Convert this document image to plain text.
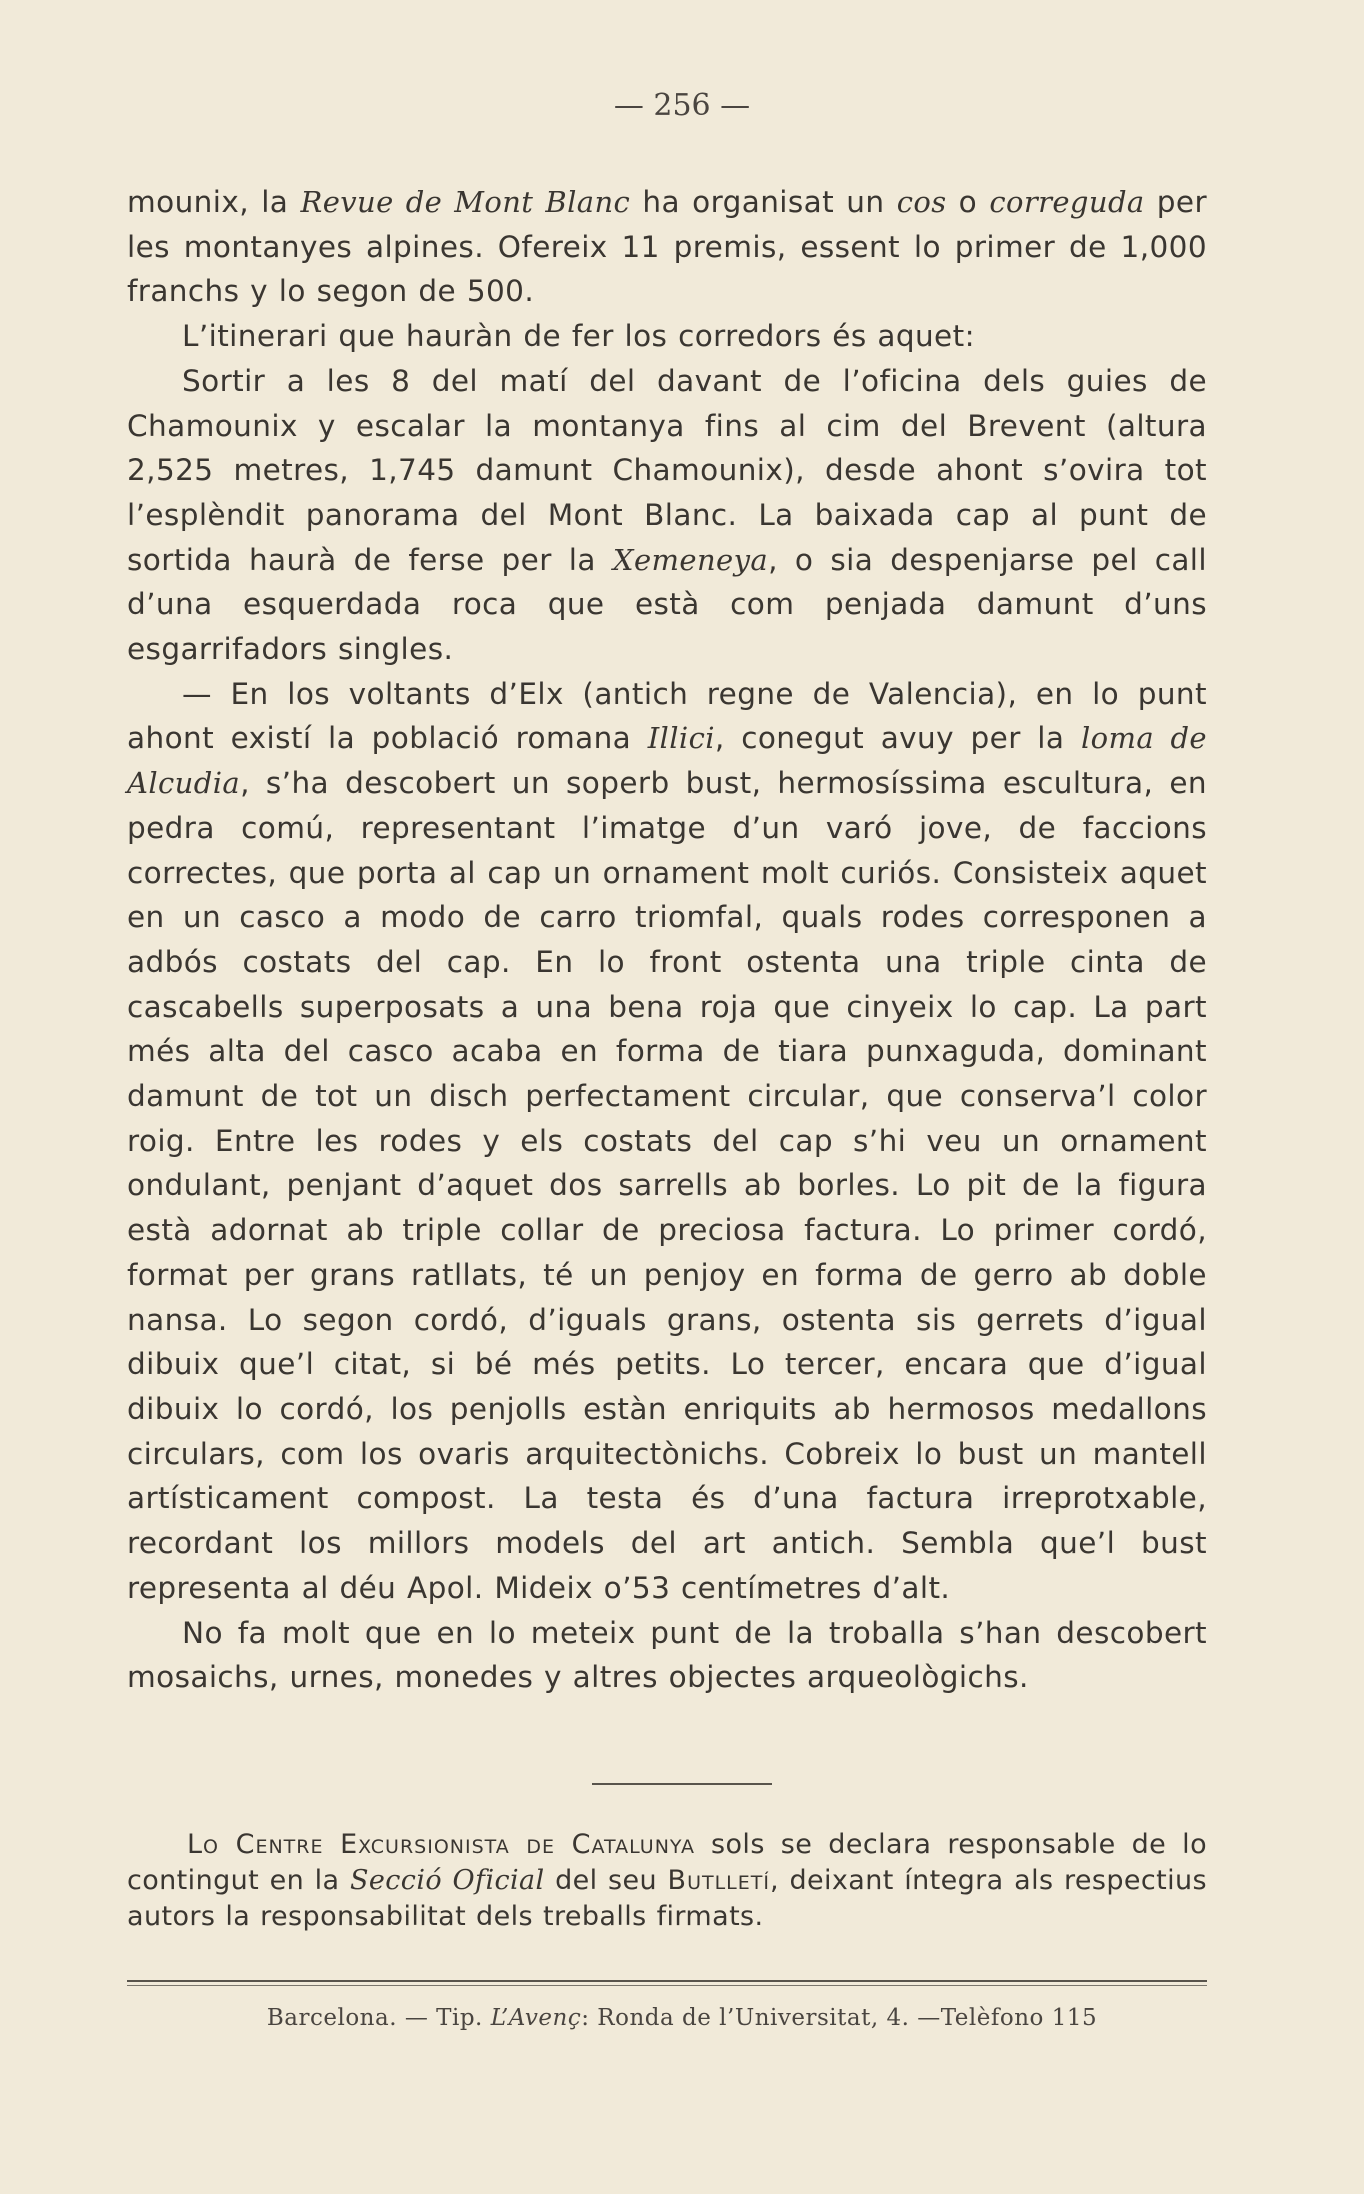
— 256 —

mounix, la Revue de Mont Blanc ha organisat un cos o correguda per les montanyes alpines. Ofereix 11 premis, essent lo primer de 1,000 franchs y lo segon de 500.

L’itinerari que hauràn de fer los corredors és aquet:

Sortir a les 8 del matí del davant de l’oficina dels guies de Chamounix y escalar la montanya fins al cim del Brevent (altura 2,525 metres, 1,745 damunt Chamounix), desde ahont s’ovira tot l’esplèndit panorama del Mont Blanc. La baixada cap al punt de sortida haurà de ferse per la Xemeneya, o sia despenjarse pel call d’una esquerdada roca que està com penjada damunt d’uns esgarrifadors singles.

— En los voltants d’Elx (antich regne de Valencia), en lo punt ahont existí la població romana Illici, conegut avuy per la loma de Alcudia, s’ha descobert un soperb bust, hermosíssima escultura, en pedra comú, representant l’imatge d’un varó jove, de faccions correctes, que porta al cap un ornament molt curiós. Consisteix aquet en un casco a modo de carro triomfal, quals rodes corresponen a adbós costats del cap. En lo front ostenta una triple cinta de cascabells superposats a una bena roja que cinyeix lo cap. La part més alta del casco acaba en forma de tiara punxaguda, dominant damunt de tot un disch perfectament circular, que conserva’l color roig. Entre les rodes y els costats del cap s’hi veu un ornament ondulant, penjant d’aquet dos sarrells ab borles. Lo pit de la figura està adornat ab triple collar de preciosa factura. Lo primer cordó, format per grans ratllats, té un penjoy en forma de gerro ab doble nansa. Lo segon cordó, d’iguals grans, ostenta sis gerrets d’igual dibuix que’l citat, si bé més petits. Lo tercer, encara que d’igual dibuix lo cordó, los penjolls estàn enriquits ab hermosos medallons circulars, com los ovaris arquitectònichs. Cobreix lo bust un mantell artísticament compost. La testa és d’una factura irreprotxable, recordant los millors models del art antich. Sembla que’l bust representa al déu Apol. Mideix o’53 centímetres d’alt.

No fa molt que en lo meteix punt de la troballa s’han descobert mosaichs, urnes, monedes y altres objectes arqueològichs.

Lo Centre Excursionista de Catalunya sols se declara responsable de lo contingut en la Secció Oficial del seu Butlletí, deixant íntegra als respectius autors la responsabilitat dels treballs firmats.

Barcelona. — Tip. L’Avenç: Ronda de l’Universitat, 4. —Telèfono 115
